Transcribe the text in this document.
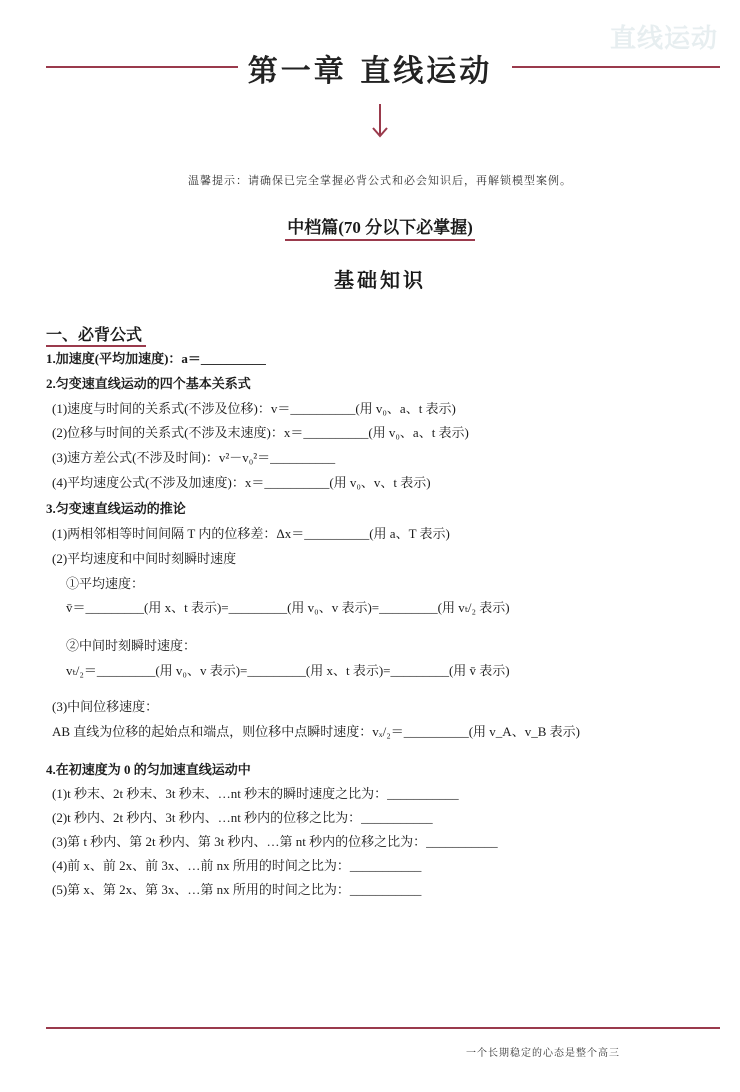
直线运动
第一章 直线运动
温馨提示：请确保已完全掌握必背公式和必会知识后，再解锁模型案例。
中档篇(70 分以下必掌握)
基础知识
一、必背公式
1.加速度(平均加速度)：a＝__________
2.匀变速直线运动的四个基本关系式
(1)速度与时间的关系式(不涉及位移)：v＝__________(用 v₀、a、t 表示)
(2)位移与时间的关系式(不涉及末速度)：x＝__________(用 v₀、a、t 表示)
(3)速方差公式(不涉及时间)：v²－v₀²＝__________
(4)平均速度公式(不涉及加速度)：x＝__________(用 v₀、v、t 表示)
3.匀变速直线运动的推论
(1)两相邻相等时间间隔 T 内的位移差：Δx＝__________(用 a、T 表示)
(2)平均速度和中间时刻瞬时速度
①平均速度：
v̄＝_________(用 x、t 表示)=_________(用 v₀、v 表示)=_________(用 vₜ/₂ 表示)
②中间时刻瞬时速度：
vₜ/₂＝_________(用 v₀、v 表示)=_________(用 x、t 表示)=_________(用 v̄ 表示)
(3)中间位移速度：
AB 直线为位移的起始点和端点，则位移中点瞬时速度：vₓ/₂＝__________(用 v_A、v_B 表示)
4.在初速度为 0 的匀加速直线运动中
(1)t 秒末、2t 秒末、3t 秒末、…nt 秒末的瞬时速度之比为：___________
(2)t 秒内、2t 秒内、3t 秒内、…nt 秒内的位移之比为：___________
(3)第 t 秒内、第 2t 秒内、第 3t 秒内、…第 nt 秒内的位移之比为：___________
(4)前 x、前 2x、前 3x、…前 nx 所用的时间之比为：___________
(5)第 x、第 2x、第 3x、…第 nx 所用的时间之比为：___________
一个长期稳定的心态是整个高三
